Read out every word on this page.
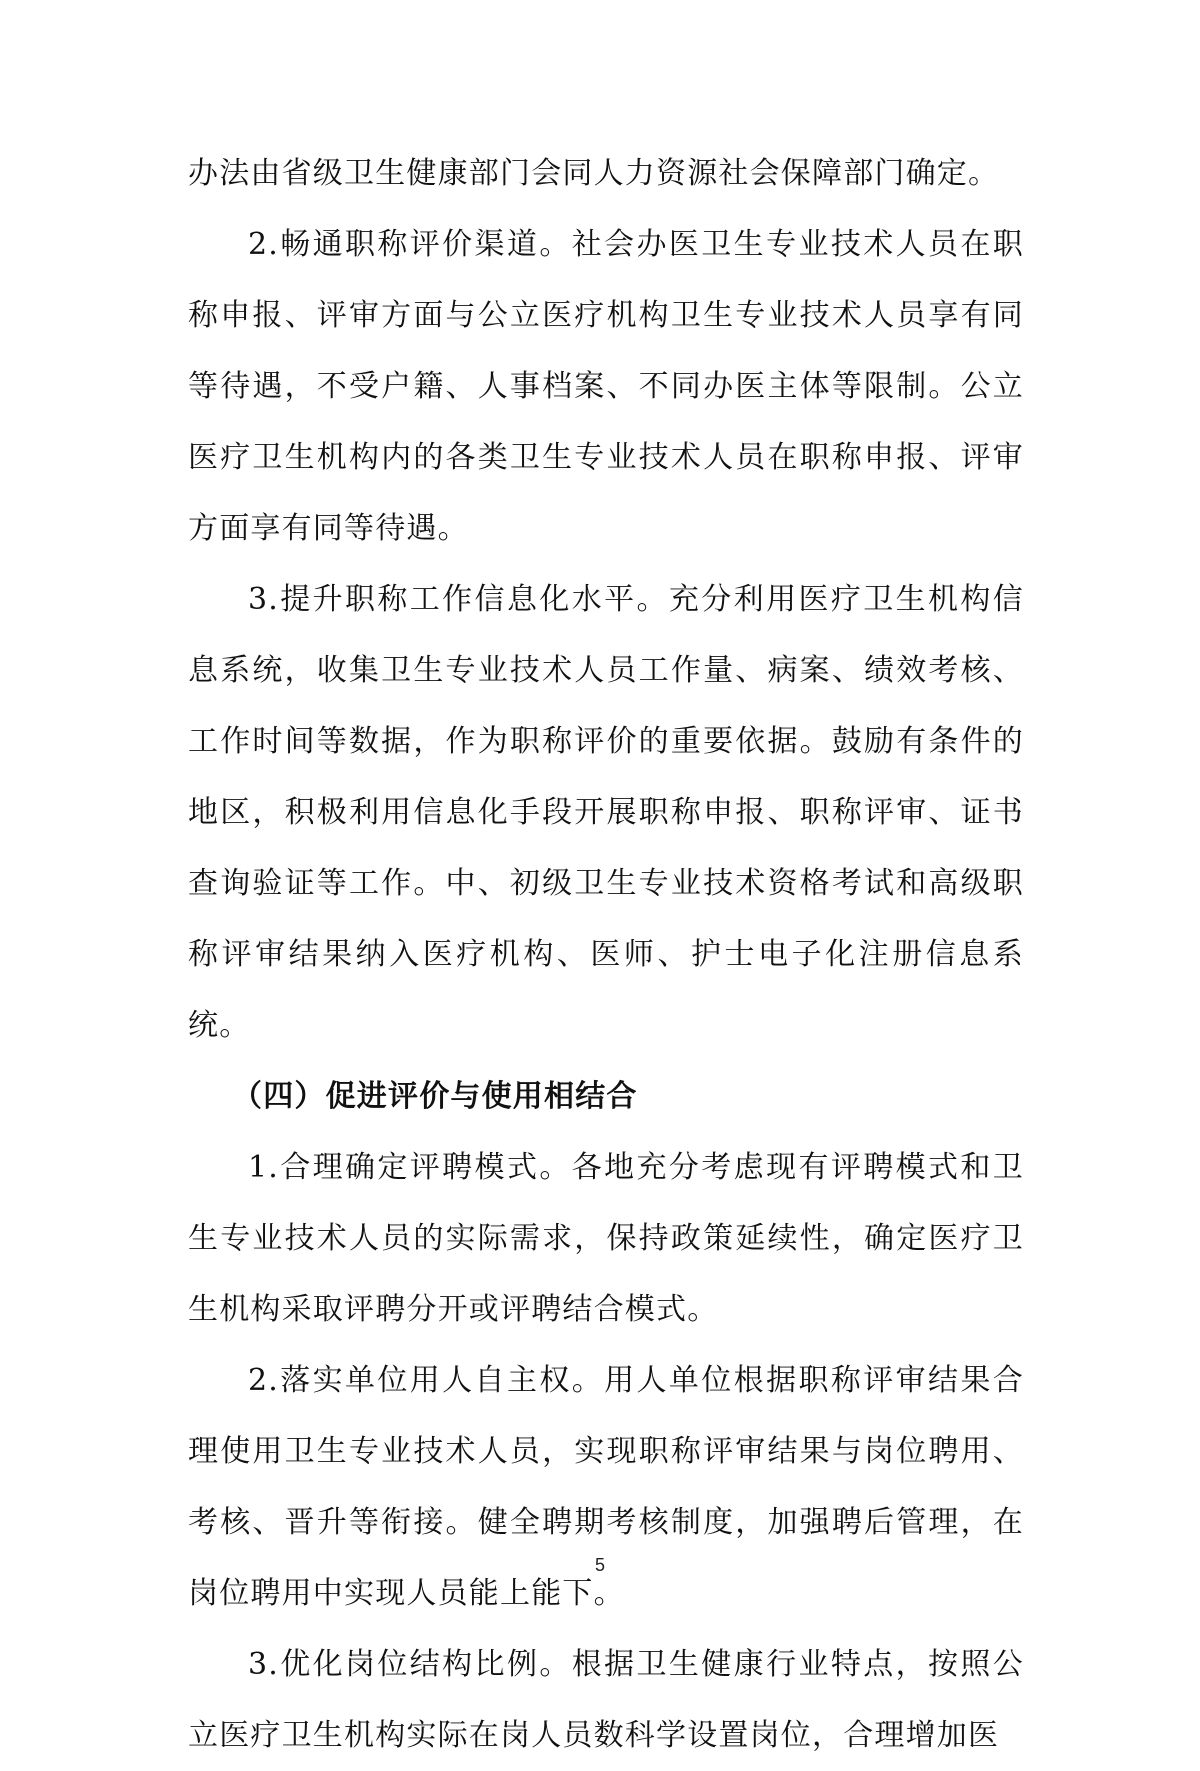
办法由省级卫生健康部门会同人力资源社会保障部门确定。

2.畅通职称评价渠道。社会办医卫生专业技术人员在职称申报、评审方面与公立医疗机构卫生专业技术人员享有同等待遇，不受户籍、人事档案、不同办医主体等限制。公立医疗卫生机构内的各类卫生专业技术人员在职称申报、评审方面享有同等待遇。

3.提升职称工作信息化水平。充分利用医疗卫生机构信息系统，收集卫生专业技术人员工作量、病案、绩效考核、工作时间等数据，作为职称评价的重要依据。鼓励有条件的地区，积极利用信息化手段开展职称申报、职称评审、证书查询验证等工作。中、初级卫生专业技术资格考试和高级职称评审结果纳入医疗机构、医师、护士电子化注册信息系统。

（四）促进评价与使用相结合

1.合理确定评聘模式。各地充分考虑现有评聘模式和卫生专业技术人员的实际需求，保持政策延续性，确定医疗卫生机构采取评聘分开或评聘结合模式。

2.落实单位用人自主权。用人单位根据职称评审结果合理使用卫生专业技术人员，实现职称评审结果与岗位聘用、考核、晋升等衔接。健全聘期考核制度，加强聘后管理，在岗位聘用中实现人员能上能下。

3.优化岗位结构比例。根据卫生健康行业特点，按照公立医疗卫生机构实际在岗人员数科学设置岗位，合理增加医

5
